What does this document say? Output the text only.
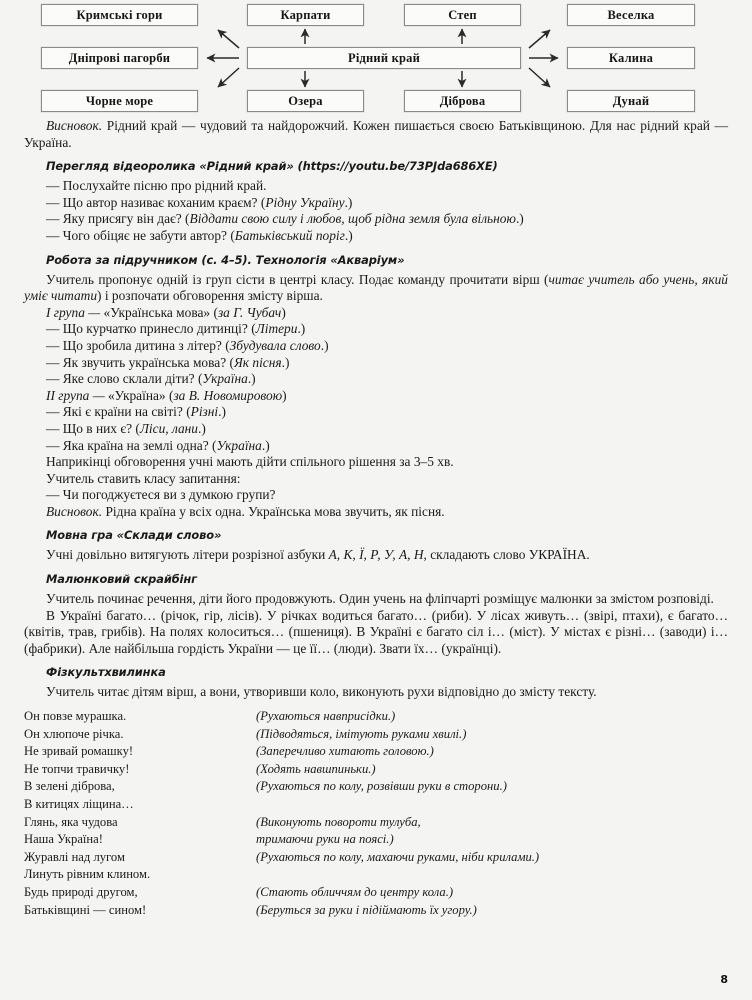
Кримські гори
Дніпрові пагорби
Чорне море
Карпати
Озера
Степ
Діброва
Веселка
Калина
Дунай
Рідний край

Висновок. Рідний край — чудовий та найдорожчий. Кожен пишається своєю Батьківщиною. Для нас рідний край — Україна.

Перегляд відеоролика «Рідний край» (https://youtu.be/73PJda686XE)

— Послухайте пісню про рідний край.

— Що автор називає коханим краєм? (Рідну Україну.)

— Яку присягу він дає? (Віддати свою силу і любов, щоб рідна земля була вільною.)

— Чого обіцяє не забути автор? (Батьківський поріг.)

Робота за підручником (с. 4–5). Технологія «Акваріум»

Учитель пропонує одній із груп сісти в центрі класу. Подає команду прочитати вірш (читає учитель або учень, який уміє читати) і розпочати обговорення змісту вірша.

І група — «Українська мова» (за Г. Чубач)

— Що курчатко принесло дитинці? (Літери.)

— Що зробила дитина з літер? (Збудувала слово.)

— Як звучить українська мова? (Як пісня.)

— Яке слово склали діти? (Україна.)

ІІ група — «Україна» (за В. Новомировою)

— Які є країни на світі? (Різні.)

— Що в них є? (Ліси, лани.)

— Яка країна на землі одна? (Україна.)

Наприкінці обговорення учні мають дійти спільного рішення за 3–5 хв.

Учитель ставить класу запитання:

— Чи погоджуєтеся ви з думкою групи?

Висновок. Рідна країна у всіх одна. Українська мова звучить, як пісня.

Мовна гра «Склади слово»

Учні довільно витягують літери розрізної азбуки А, К, Ї, Р, У, А, Н, складають слово УКРАЇНА.

Малюнковий скрайбінг

Учитель починає речення, діти його продовжують. Один учень на фліпчарті розміщує малюнки за змістом розповіді.

В Україні багато… (річок, гір, лісів). У річках водиться багато… (риби). У лісах живуть… (звірі, птахи), є багато… (квітів, трав, грибів). На полях колоситься… (пшениця). В Україні є багато сіл і… (міст). У містах є різні… (заводи) і… (фабрики). Але найбільша гордість України — це її… (люди). Звати їх… (українці).

Фізкультхвилинка

Учитель читає дітям вірш, а вони, утворивши коло, виконують рухи відповідно до змісту тексту.

Он повзе мурашка.	(Рухаються навприсідки.)
Он хлюпоче річка.	(Підводяться, імітують руками хвилі.)
Не зривай ромашку!	(Заперечливо хитають головою.)
Не топчи травичку!	(Ходять навшпиньки.)
В зелені діброва,	(Рухаються по колу, розвівши руки в сторони.)
В китицях ліщина…
Глянь, яка чудова	(Виконують повороти тулуба,
Наша Україна!	тримаючи руки на поясі.)
Журавлі над лугом	(Рухаються по колу, махаючи руками, ніби крилами.)
Линуть рівним клином.
Будь природі другом,	(Стають обличчям до центру кола.)
Батьківщині — сином!	(Беруться за руки і підіймають їх угору.)
8
